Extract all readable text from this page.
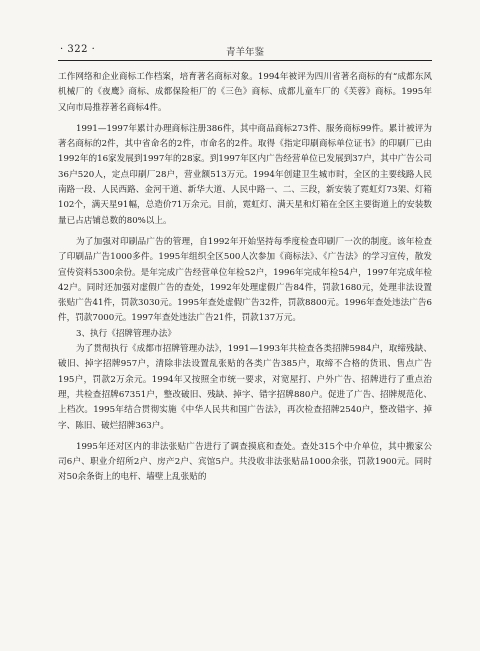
· 322 ·	青羊年鉴

工作网络和企业商标工作档案，培育著名商标对象。1994年被评为四川省著名商标的有“成都东风机械厂的《夜鹰》商标、成都保险柜厂的《三色》商标、成都儿童车厂的《芙蓉》商标。1995年又向市局推荐著名商标4件。

1991—1997年累计办理商标注册386件，其中商品商标273件、服务商标99件。累计被评为著名商标的2件，其中省命名的2件，市命名的2件。取得《指定印刷商标单位证书》的印刷厂已由1992年的16家发展到1997年的28家。到1997年区内广告经营单位已发展到37户，其中广告公司36户520人，定点印刷厂28户，营业额513万元。1994年创建卫生城市时，全区的主要线路人民南路一段、人民西路、金河干道、新华大道、人民中路一、二、三段，新安装了霓虹灯73架、灯箱102个，满天星91幅，总造价71万余元。目前，霓虹灯、满天星和灯箱在全区主要街道上的安装数量已占店铺总数的80%以上。

为了加强对印刷品广告的管理，自1992年开始坚持每季度检查印刷厂一次的制度。该年检查了印刷品广告1000多件。1995年组织全区500人次参加《商标法》、《广告法》的学习宣传，散发宣传资料5300余份。是年完成广告经营单位年检52户，1996年完成年检54户，1997年完成年检42户。同时还加强对虚假广告的查处，1992年处理虚假广告84件，罚款1680元，处理非法设置张贴广告41件，罚款3030元。1995年查处虚假广告32件，罚款8800元。1996年查处违法广告6件，罚款7000元。1997年查处违法广告21件，罚款137万元。

3、执行《招牌管理办法》

为了贯彻执行《成都市招牌管理办法》，1991—1993年共检查各类招牌5984户，取缔残缺、破旧、掉字招牌957户，清除非法设置乱张贴的各类广告385户，取缔不合格的货讯、售点广告195户，罚款2万余元。1994年又按照全市统一要求，对宽屋打、户外广告、招牌进行了重点治理，共检查招牌67351户，整改破旧、残缺、掉字、错字招牌880户。促进了广告、招牌规范化、上档次。1995年结合贯彻实施《中华人民共和国广告法》，再次检查招牌2540户，整改错字、掉字、陈旧、破烂招牌363户。

1995年还对区内的非法张贴广告进行了调查摸底和查处。查处315个中介单位，其中搬家公司6户、职业介绍所2户、房产2户、宾馆5户。共没收非法张贴品1000余张，罚款1900元。同时对50余条街上的电杆、墙壁上乱张贴的
